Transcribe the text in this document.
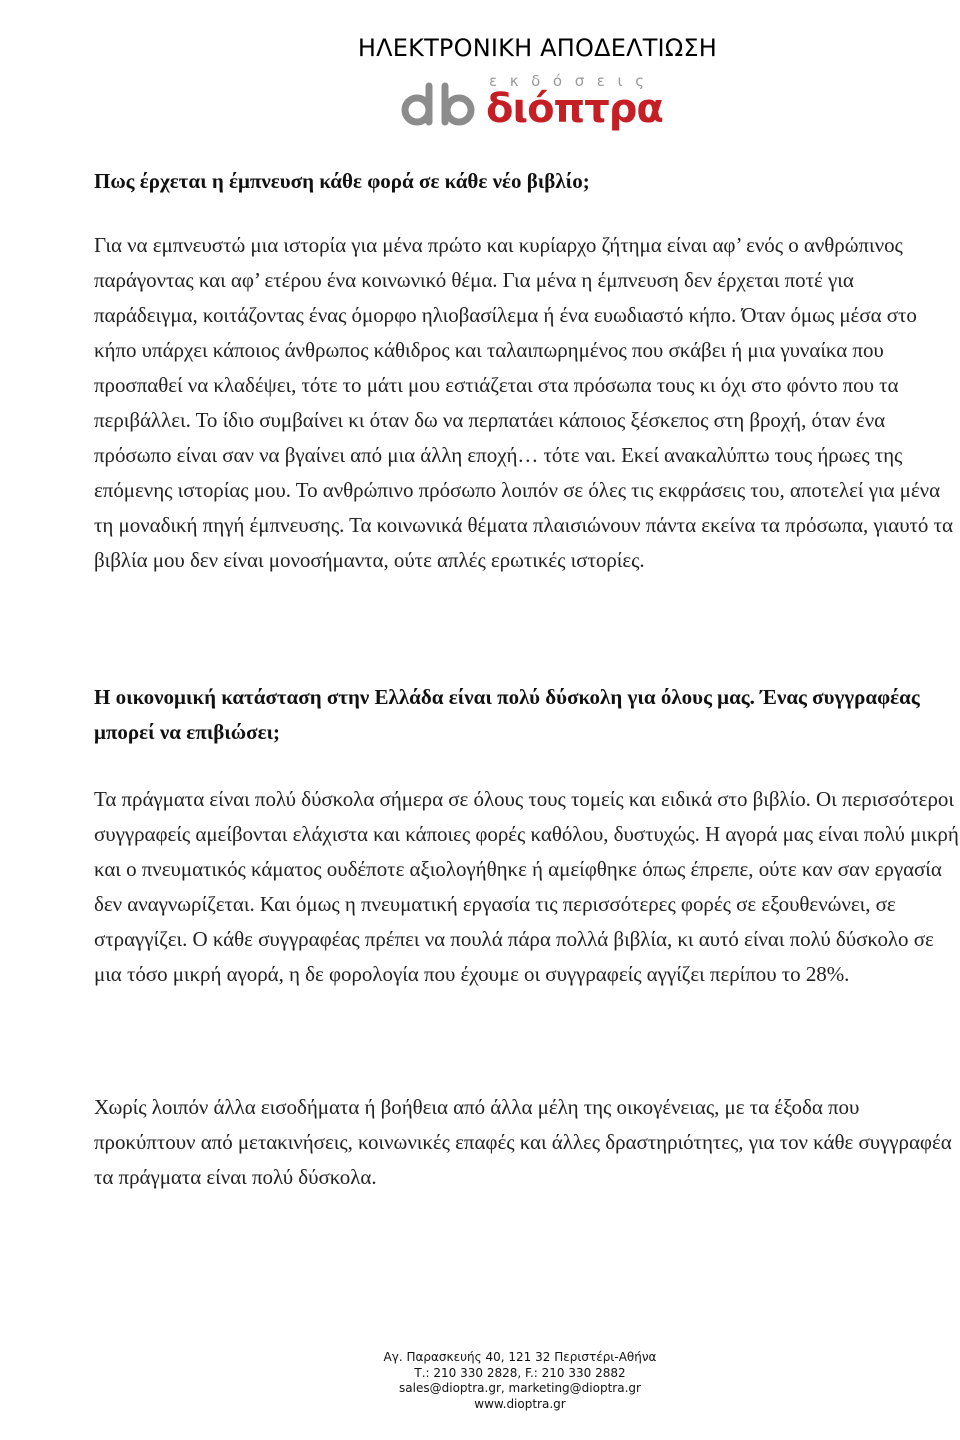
ΗΛΕΚΤΡΟΝΙΚΗ ΑΠΟΔΕΛΤΙΩΣΗ
εκδόσεις
διόπτρα

Πως έρχεται η έμπνευση κάθε φορά σε κάθε νέο βιβλίο;

Για να εμπνευστώ μια ιστορία για μένα πρώτο και κυρίαρχο ζήτημα είναι αφ’ ενός ο ανθρώπινος παράγοντας και αφ’ ετέρου ένα κοινωνικό θέμα. Για μένα η έμπνευση δεν έρχεται ποτέ για παράδειγμα, κοιτάζοντας ένας όμορφο ηλιοβασίλεμα ή ένα ευωδιαστό κήπο. Όταν όμως μέσα στο κήπο υπάρχει κάποιος άνθρωπος κάθιδρος και ταλαιπωρημένος που σκάβει ή μια γυναίκα που προσπαθεί να κλαδέψει, τότε το μάτι μου εστιάζεται στα πρόσωπα τους κι όχι στο φόντο που τα περιβάλλει. Το ίδιο συμβαίνει κι όταν δω να περπατάει κάποιος ξέσκεπος στη βροχή, όταν ένα πρόσωπο είναι σαν να βγαίνει από μια άλλη εποχή… τότε ναι. Εκεί ανακαλύπτω τους ήρωες της επόμενης ιστορίας μου. Το ανθρώπινο πρόσωπο λοιπόν σε όλες τις εκφράσεις του, αποτελεί για μένα τη μοναδική πηγή έμπνευσης. Τα κοινωνικά θέματα πλαισιώνουν πάντα εκείνα τα πρόσωπα, γιαυτό τα βιβλία μου δεν είναι μονοσήμαντα, ούτε απλές ερωτικές ιστορίες.

Η οικονομική κατάσταση στην Ελλάδα είναι πολύ δύσκολη για όλους μας. Ένας συγγραφέας μπορεί να επιβιώσει;

Τα πράγματα είναι πολύ δύσκολα σήμερα σε όλους τους τομείς και ειδικά στο βιβλίο. Οι περισσότεροι συγγραφείς αμείβονται ελάχιστα και κάποιες φορές καθόλου, δυστυχώς. Η αγορά μας είναι πολύ μικρή και ο πνευματικός κάματος ουδέποτε αξιολογήθηκε ή αμείφθηκε όπως έπρεπε, ούτε καν σαν εργασία δεν αναγνωρίζεται. Και όμως η πνευματική εργασία τις περισσότερες φορές σε εξουθενώνει, σε στραγγίζει. Ο κάθε συγγραφέας πρέπει να πουλά πάρα πολλά βιβλία, κι αυτό είναι πολύ δύσκολο σε μια τόσο μικρή αγορά, η δε φορολογία που έχουμε οι συγγραφείς αγγίζει περίπου το 28%.

Χωρίς λοιπόν άλλα εισοδήματα ή βοήθεια από άλλα μέλη της οικογένειας, με τα έξοδα που προκύπτουν από μετακινήσεις, κοινωνικές επαφές και άλλες δραστηριότητες, για τον κάθε συγγραφέα τα πράγματα είναι πολύ δύσκολα.

Αγ. Παρασκευής 40, 121 32 Περιστέρι-Αθήνα
Τ.: 210 330 2828, F.: 210 330 2882
sales@dioptra.gr, marketing@dioptra.gr
www.dioptra.gr
